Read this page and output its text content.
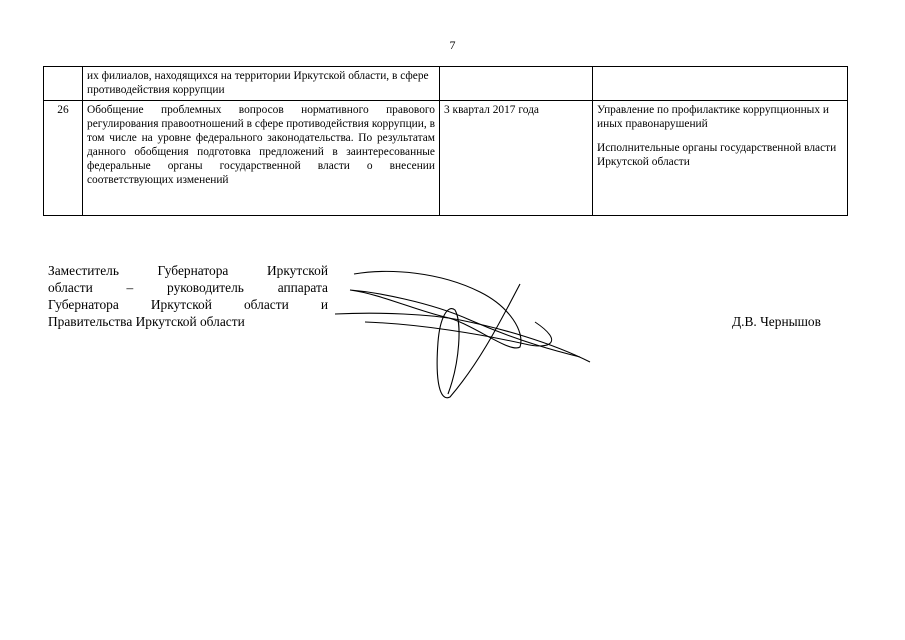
7
	их филиалов, находящихся на территории Иркутской области, в сфере противодействия коррупции		
26	Обобщение проблемных вопросов нормативного правового регулирования правоотношений в сфере противодействия коррупции, в том числе на уровне федерального законодательства. По результатам данного обобщения подготовка предложений в заинтересованные федеральные органы государственной власти о внесении соответствующих изменений	3 квартал 2017 года	Управление по профилактике коррупционных и иных правонарушений
Исполнительные органы государственной власти Иркутской области
Заместитель Губернатора Иркутской
области – руководитель аппарата
Губернатора Иркутской области и
Правительства Иркутской области	Д.В. Чернышов
